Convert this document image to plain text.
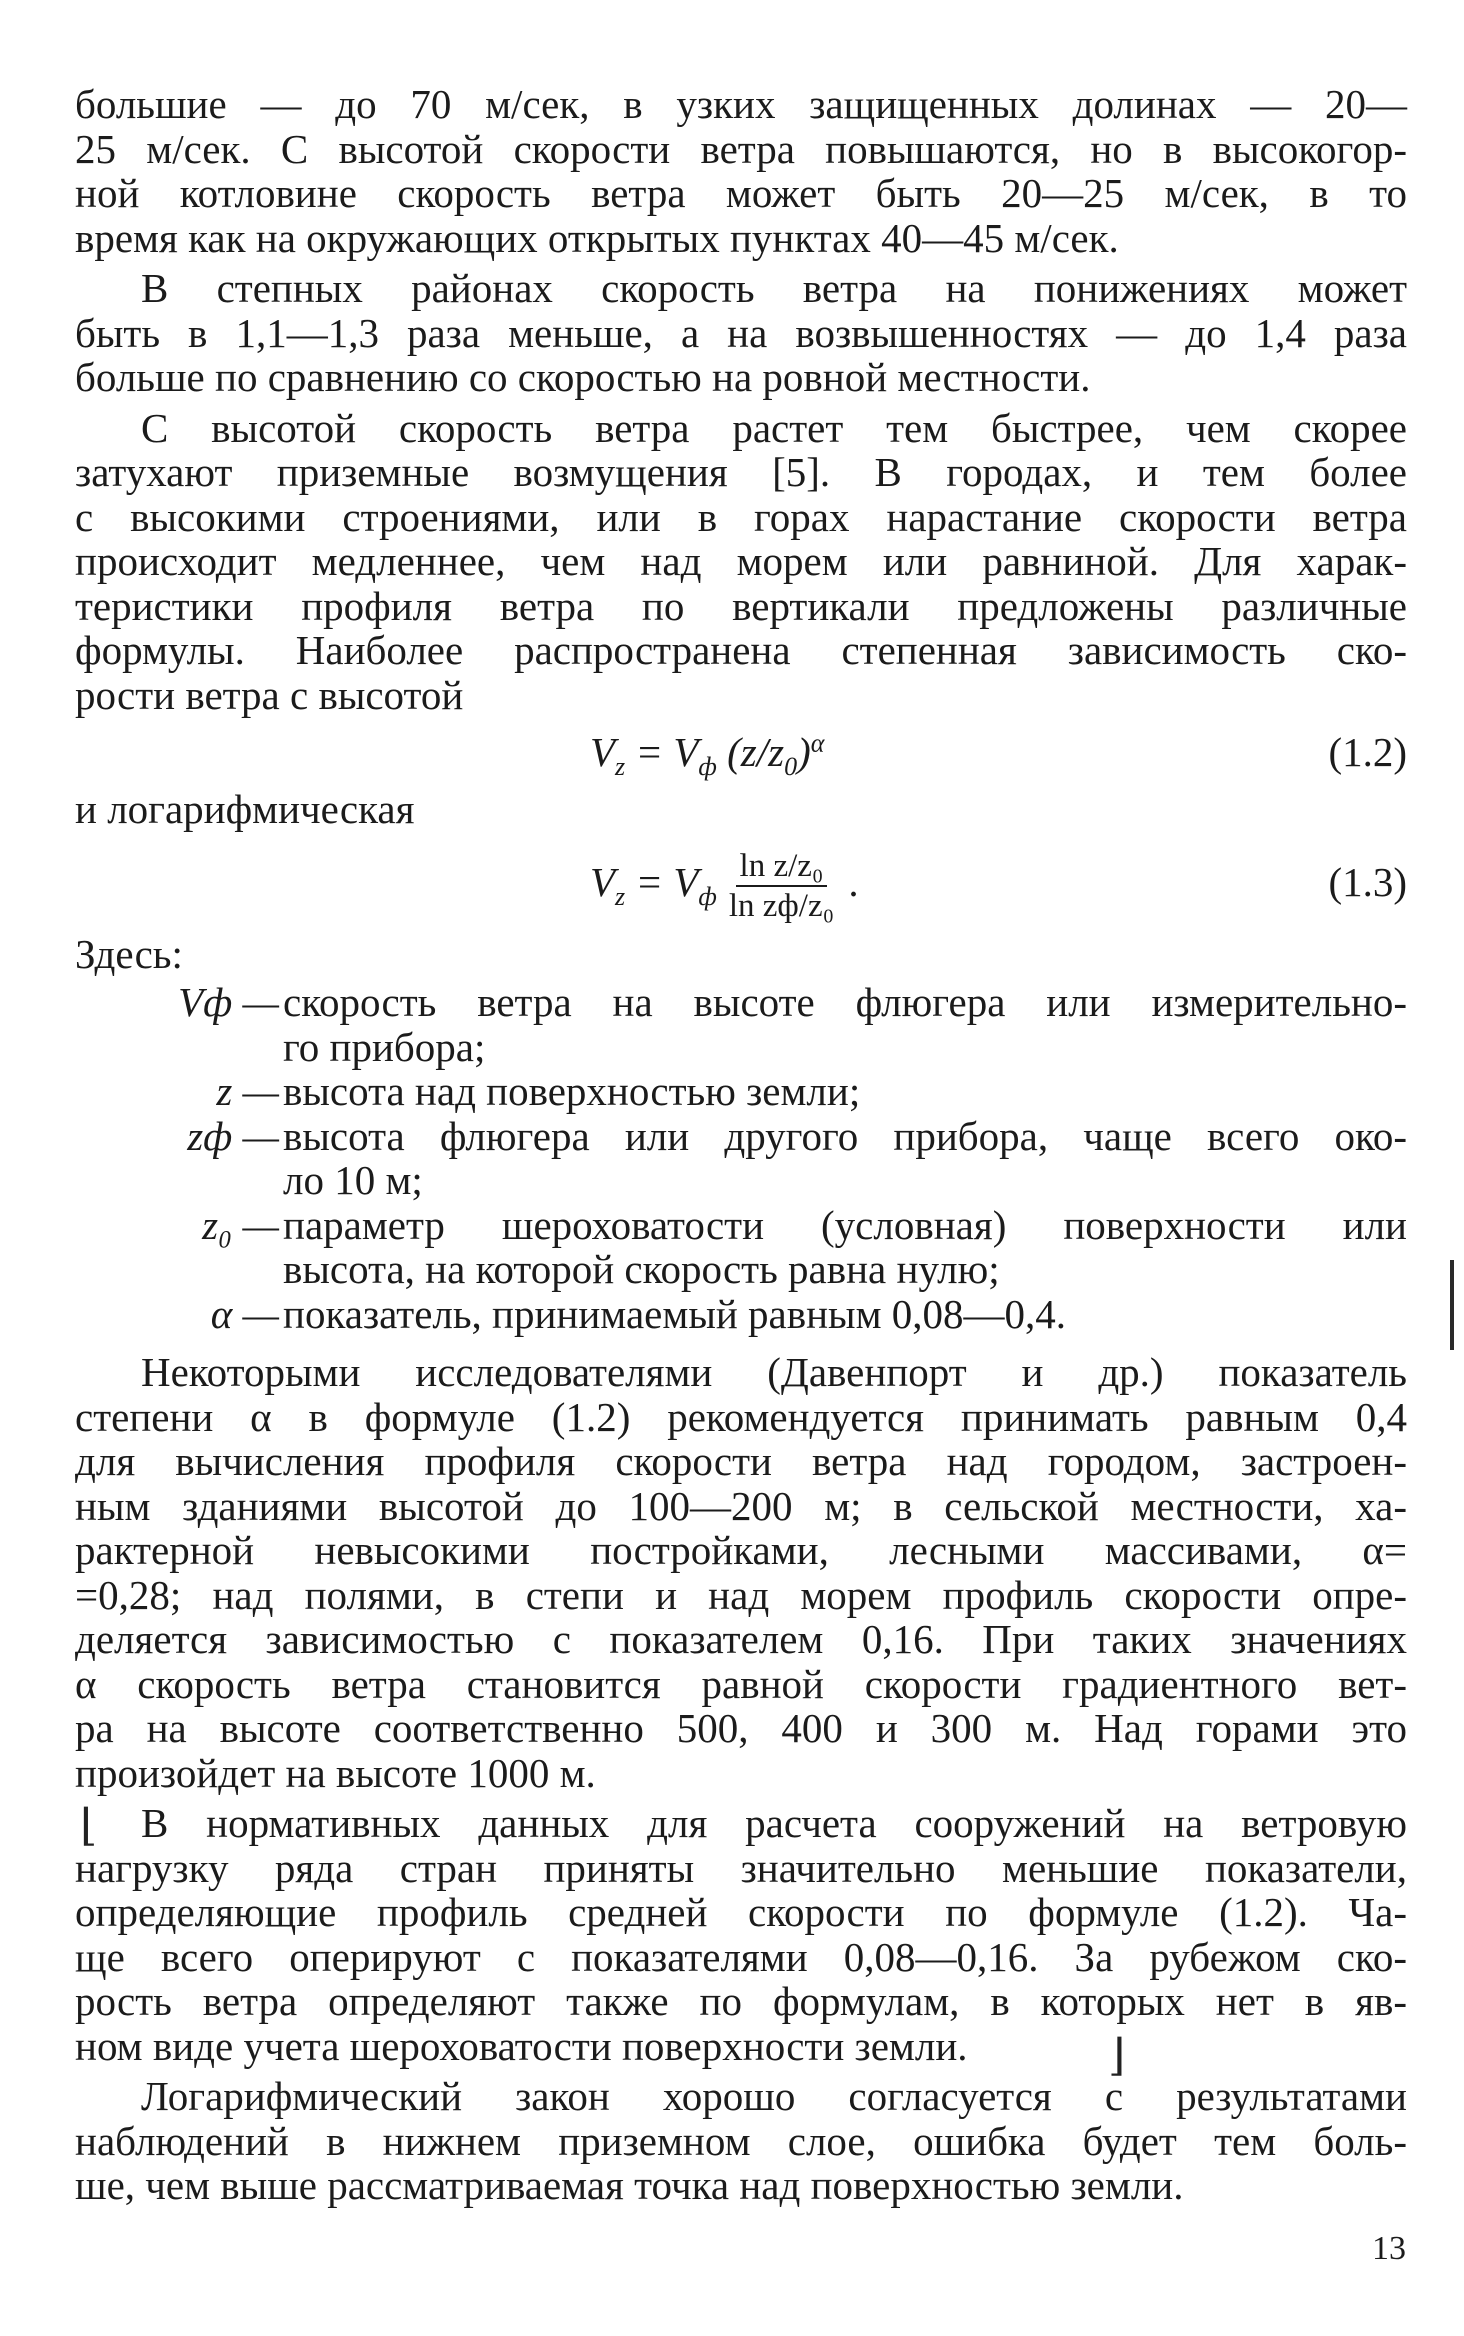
большие — до 70 м/сек, в узких защищенных долинах — 20—
25 м/сек. С высотой скорости ветра повышаются, но в высокогор-
ной котловине скорость ветра может быть 20—25 м/сек, в то
время как на окружающих открытых пунктах 40—45 м/сек.

В степных районах скорость ветра на понижениях может
быть в 1,1—1,3 раза меньше, а на возвышенностях — до 1,4 раза
больше по сравнению со скоростью на ровной местности.

С высотой скорость ветра растет тем быстрее, чем скорее
затухают приземные возмущения [5]. В городах, и тем более
с высокими строениями, или в горах нарастание скорости ветра
происходит медленнее, чем над морем или равниной. Для харак-
теристики профиля ветра по вертикали предложены различные
формулы. Наиболее распространена степенная зависимость ско-
рости ветра с высотой

$V_z = V_ф$ $(z/z_0)^\alpha$	(1.2)

и логарифмическая

$V_z = V_ф \frac{\text{ln z/z₀}}{\text{ln zф/z₀}}$ .	(1.3)

Здесь:

Vф — скорость ветра на высоте флюгера или измерительно-
го прибора;
z — высота над поверхностью земли;
zф — высота флюгера или другого прибора, чаще всего око-
ло 10 м;
z₀ — параметр шероховатости (условная) поверхности или
высота, на которой скорость равна нулю;
α — показатель, принимаемый равным 0,08—0,4.

Некоторыми исследователями (Давенпорт и др.) показатель
степени α в формуле (1.2) рекомендуется принимать равным 0,4
для вычисления профиля скорости ветра над городом, застроен-
ным зданиями высотой до 100—200 м; в сельской местности, ха-
рактерной невысокими постройками, лесными массивами, α=
=0,28; над полями, в степи и над морем профиль скорости опре-
деляется зависимостью с показателем 0,16. При таких значениях
α скорость ветра становится равной скорости градиентного вет-
ра на высоте соответственно 500, 400 и 300 м. Над горами это
произойдет на высоте 1000 м.

В нормативных данных для расчета сооружений на ветровую
нагрузку ряда стран приняты значительно меньшие показатели,
определяющие профиль средней скорости по формуле (1.2). Ча-
ще всего оперируют с показателями 0,08—0,16. За рубежом ско-
рость ветра определяют также по формулам, в которых нет в яв-
ном виде учета шероховатости поверхности земли.

Логарифмический закон хорошо согласуется с результатами
наблюдений в нижнем приземном слое, ошибка будет тем боль-
ше, чем выше рассматриваемая точка над поверхностью земли.

⌊
⌋
13
